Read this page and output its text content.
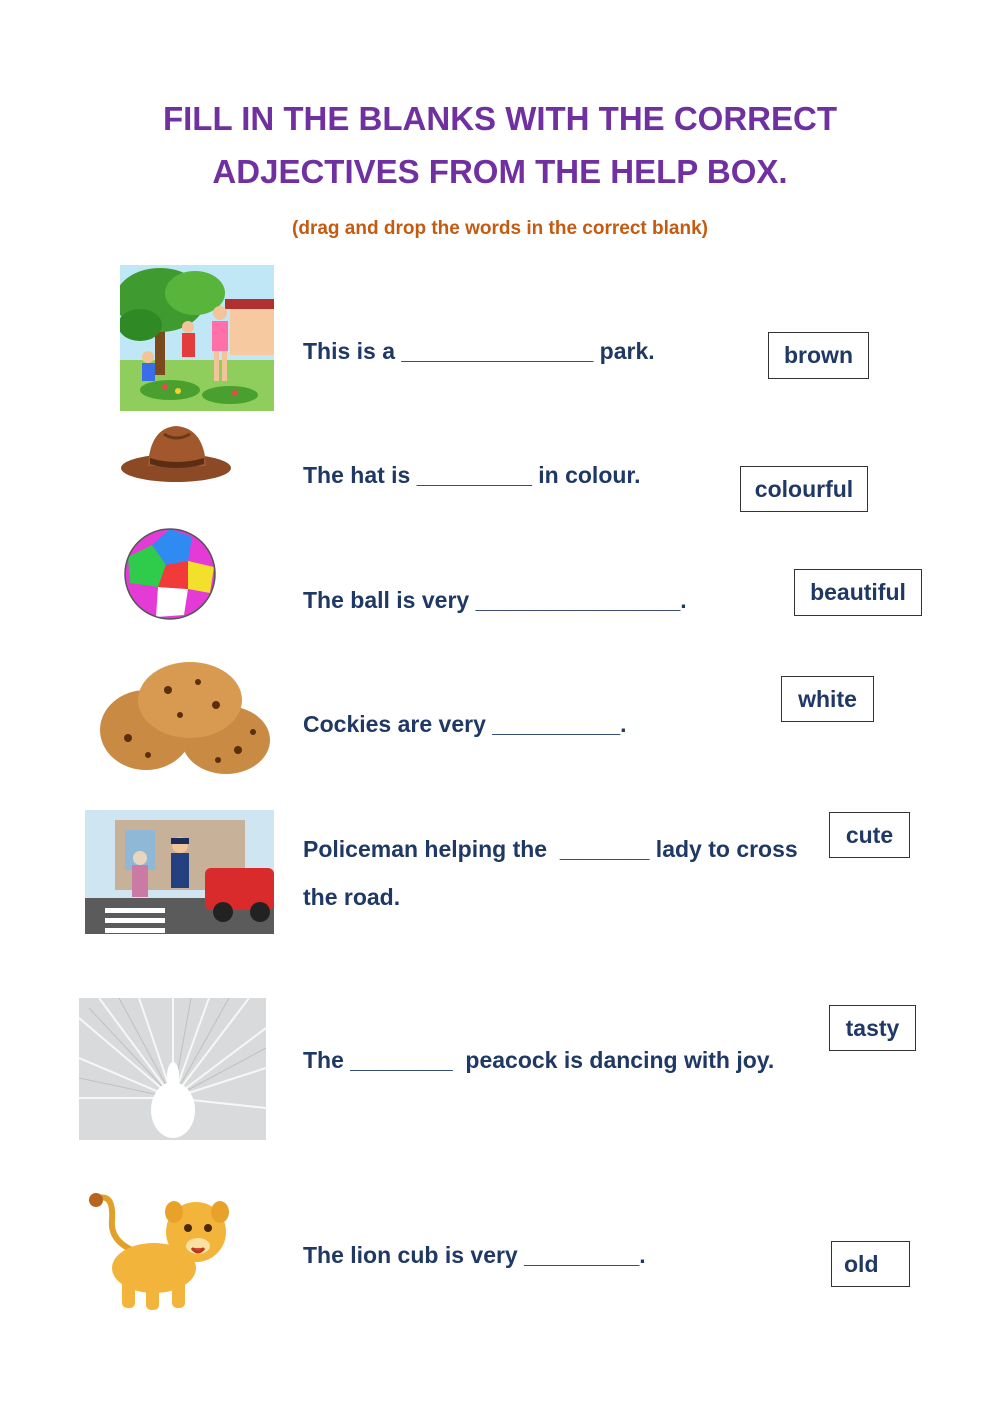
FILL IN THE BLANKS WITH THE CORRECT
ADJECTIVES FROM THE HELP BOX.
(drag and drop the words in the correct blank)
This is a _______________ park.
The hat is _________ in colour.
The ball is very ________________.
Cockies are very __________.
Policeman helping the  _______ lady to cross
the road.
The ________  peacock is dancing with joy.
The lion cub is very _________.
brown
colourful
beautiful
white
cute
tasty
old
